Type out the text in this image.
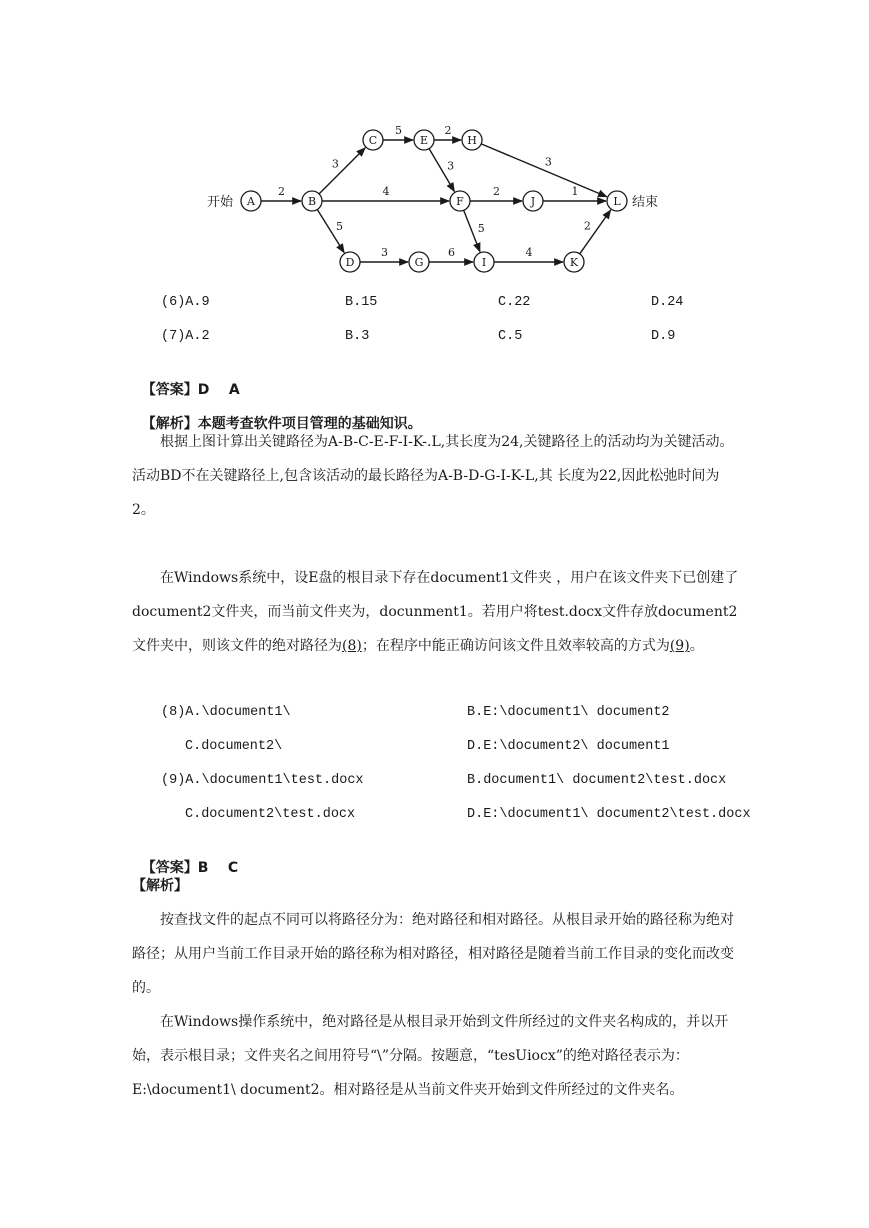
2
3
5	2
3
3
4	2	1
5
5
3	6	4
2
A	B
C	E	H
F	J	L
D	G	I	K
开始	结束
(6)A.9	B.15	C.22	D.24
(7)A.2	B.3	C.5	D.9

【答案】D    A

【解析】本题考查软件项目管理的基础知识。

根据上图计算出关键路径为A-B-C-E-F-I-K-.L,其长度为24,关键路径上的活动均为关键活动。活动BD不在关键路径上,包含该活动的最长路径为A-B-D-G-I-K-L,其 长度为22,因此松弛时间为2。
在Windows系统中，设E盘的根目录下存在document1文件夹 ，用户在该文件夹下已创建了document2文件夹，而当前文件夹为，docunment1。若用户将test.docx文件存放document2文件夹中，则该文件的绝对路径为(8)；在程序中能正确访问该文件且效率较高的方式为(9)。
(8)A.\document1\	B.E:\document1\ document2
C.document2\	D.E:\document2\ document1
(9)A.\document1\test.docx	B.document1\ document2\test.docx
C.document2\test.docx	D.E:\document1\ document2\test.docx

【答案】B    C

【解析】
按查找文件的起点不同可以将路径分为：绝对路径和相对路径。从根目录开始的路径称为绝对路径；从用户当前工作目录开始的路径称为相对路径，相对路径是随着当前工作目录的变化而改变的。
在Windows操作系统中，绝对路径是从根目录开始到文件所经过的文件夹名构成的，并以开始，表示根目录；文件夹名之间用符号“\”分隔。按题意，“tesUiocx”的绝对路径表示为：E:\document1\ document2。相对路径是从当前文件夹开始到文件所经过的文件夹名。
